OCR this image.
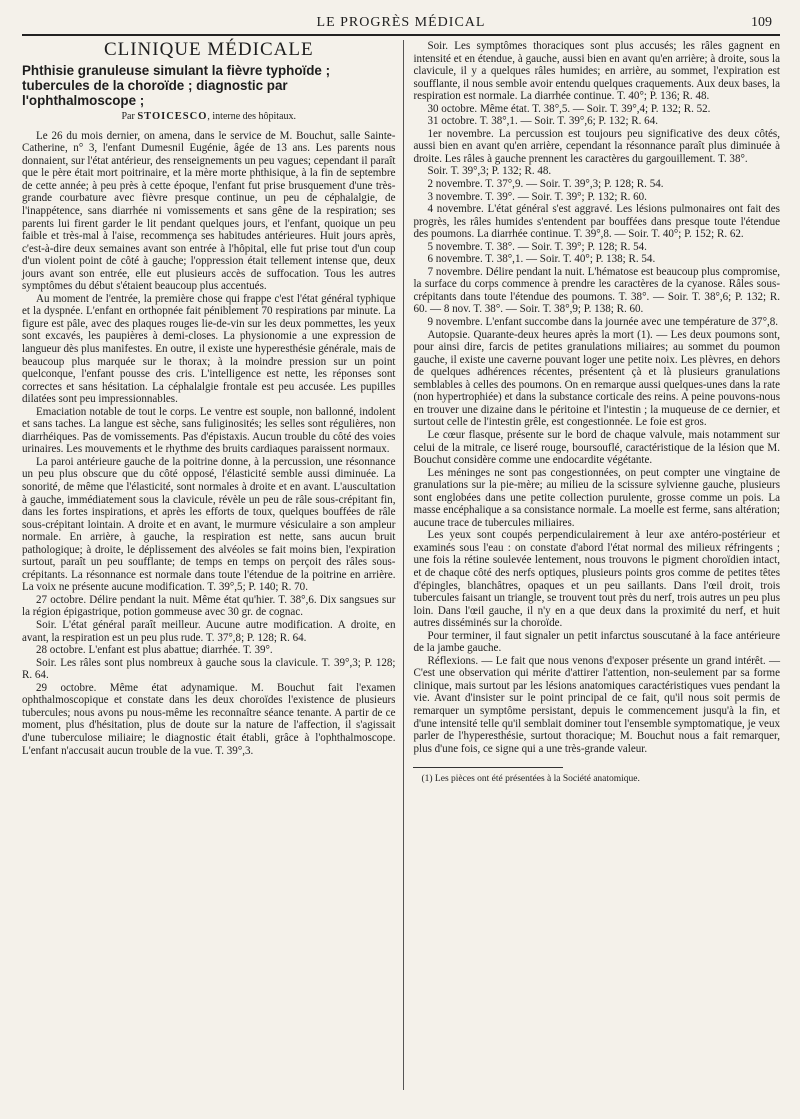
LE PROGRÈS MÉDICAL	109
CLINIQUE MÉDICALE

Phthisie granuleuse simulant la fièvre typhoïde ; tubercules de la choroïde ; diagnostic par l'ophthalmoscope ;

Par STOICESCO, interne des hôpitaux.

Le 26 du mois dernier, on amena, dans le service de M. Bouchut, salle Sainte-Catherine, n° 3, l'enfant Dumesnil Eugénie, âgée de 13 ans. Les parents nous donnaient, sur l'état antérieur, des renseignements un peu vagues; cependant il paraît que le père était mort poitrinaire, et la mère morte phthisique, à la fin de septembre de cette année; à peu près à cette époque, l'enfant fut prise brusquement d'une très-grande courbature avec fièvre presque continue, un peu de céphalalgie, de l'inappétence, sans diarrhée ni vomissements et sans gêne de la respiration; ses parents lui firent garder le lit pendant quelques jours, et l'enfant, quoique un peu faible et très-mal à l'aise, recommença ses habitudes antérieures. Huit jours après, c'est-à-dire deux semaines avant son entrée à l'hôpital, elle fut prise tout d'un coup d'un violent point de côté à gauche; l'oppression était tellement intense que, deux jours avant son entrée, elle eut plusieurs accès de suffocation. Tous les autres symptômes du début s'étaient beaucoup plus accentués.

Au moment de l'entrée, la première chose qui frappe c'est l'état général typhique et la dyspnée. L'enfant en orthopnée fait péniblement 70 respirations par minute. La figure est pâle, avec des plaques rouges lie-de-vin sur les deux pommettes, les yeux sont excavés, les paupières à demi-closes. La physionomie a une expression de langueur dès plus manifestes. En outre, il existe une hyperesthésie générale, mais de beaucoup plus marquée sur le thorax; à la moindre pression sur un point quelconque, l'enfant pousse des cris. L'intelligence est nette, les réponses sont correctes et sans hésitation. La céphalalgie frontale est peu accusée. Les pupilles dilatées sont peu impressionnables.

Emaciation notable de tout le corps. Le ventre est souple, non ballonné, indolent et sans taches. La langue est sèche, sans fuliginosités; les selles sont régulières, non diarrhéiques. Pas de vomissements. Pas d'épistaxis. Aucun trouble du côté des voies urinaires. Les mouvements et le rhythme des bruits cardiaques paraissent normaux.

La paroi antérieure gauche de la poitrine donne, à la percussion, une résonnance un peu plus obscure que du côté opposé, l'élasticité semble aussi diminuée. La sonorité, de même que l'élasticité, sont normales à droite et en avant. L'auscultation à gauche, immédiatement sous la clavicule, révèle un peu de râle sous-crépitant fin, dans les fortes inspirations, et après les efforts de toux, quelques bouffées de râle sous-crépitant lointain. A droite et en avant, le murmure vésiculaire a son ampleur normale. En arrière, à gauche, la respiration est nette, sans aucun bruit pathologique; à droite, le déplissement des alvéoles se fait moins bien, l'expiration surtout, paraît un peu soufflante; de temps en temps on perçoit des râles sous-crépitants. La résonnance est normale dans toute l'étendue de la poitrine en arrière. La voix ne présente aucune modification. T. 39°,5; P. 140; R. 70.

27 octobre. Délire pendant la nuit. Même état qu'hier. T. 38°,6. Dix sangsues sur la région épigastrique, potion gommeuse avec 30 gr. de cognac.

Soir. L'état général paraît meilleur. Aucune autre modification. A droite, en avant, la respiration est un peu plus rude. T. 37°,8; P. 128; R. 64.

28 octobre. L'enfant est plus abattue; diarrhée. T. 39°.

Soir. Les râles sont plus nombreux à gauche sous la clavicule. T. 39°,3; P. 128; R. 64.

29 octobre. Même état adynamique. M. Bouchut fait l'examen ophthalmoscopique et constate dans les deux choroïdes l'existence de plusieurs tubercules; nous avons pu nous-même les reconnaître séance tenante. A partir de ce moment, plus d'hésitation, plus de doute sur la nature de l'affection, il s'agissait d'une tuberculose miliaire; le diagnostic était établi, grâce à l'ophthalmoscope. L'enfant n'accusait aucun trouble de la vue. T. 39°,3.

Soir. Les symptômes thoraciques sont plus accusés; les râles gagnent en intensité et en étendue, à gauche, aussi bien en avant qu'en arrière; à droite, sous la clavicule, il y a quelques râles humides; en arrière, au sommet, l'expiration est soufflante, il nous semble avoir entendu quelques craquements. Aux deux bases, la respiration est normale. La diarrhée continue. T. 40°; P. 136; R. 48.

30 octobre. Même état. T. 38°,5. — Soir. T. 39°,4; P. 132; R. 52.

31 octobre. T. 38°,1. — Soir. T. 39°,6; P. 132; R. 64.

1er novembre. La percussion est toujours peu significative des deux côtés, aussi bien en avant qu'en arrière, cependant la résonnance paraît plus diminuée à droite. Les râles à gauche prennent les caractères du gargouillement. T. 38°.

Soir. T. 39°,3; P. 132; R. 48.

2 novembre. T. 37°,9. — Soir. T. 39°,3; P. 128; R. 54.

3 novembre. T. 39°. — Soir. T. 39°; P. 132; R. 60.

4 novembre. L'état général s'est aggravé. Les lésions pulmonaires ont fait des progrès, les râles humides s'entendent par bouffées dans presque toute l'étendue des poumons. La diarrhée continue. T. 39°,8. — Soir. T. 40°; P. 152; R. 62.

5 novembre. T. 38°. — Soir. T. 39°; P. 128; R. 54.

6 novembre. T. 38°,1. — Soir. T. 40°; P. 138; R. 54.

7 novembre. Délire pendant la nuit. L'hématose est beaucoup plus compromise, la surface du corps commence à prendre les caractères de la cyanose. Râles sous-crépitants dans toute l'étendue des poumons. T. 38°. — Soir. T. 38°,6; P. 132; R. 60. — 8 nov. T. 38°. — Soir. T. 38°,9; P. 138; R. 60.

9 novembre. L'enfant succombe dans la journée avec une température de 37°,8.

Autopsie. Quarante-deux heures après la mort (1). — Les deux poumons sont, pour ainsi dire, farcis de petites granulations miliaires; au sommet du poumon gauche, il existe une caverne pouvant loger une petite noix. Les plèvres, en dehors de quelques adhérences récentes, présentent çà et là plusieurs granulations semblables à celles des poumons. On en remarque aussi quelques-unes dans la rate (non hypertrophiée) et dans la substance corticale des reins. A peine pouvons-nous en trouver une dizaine dans le péritoine et l'intestin ; la muqueuse de ce dernier, et surtout celle de l'intestin grêle, est congestionnée. Le foie est gros.

Le cœur flasque, présente sur le bord de chaque valvule, mais notamment sur celui de la mitrale, ce liseré rouge, boursouflé, caractéristique de la lésion que M. Bouchut considère comme une endocardite végétante.

Les méninges ne sont pas congestionnées, on peut compter une vingtaine de granulations sur la pie-mère; au milieu de la scissure sylvienne gauche, plusieurs sont englobées dans une petite collection purulente, grosse comme un pois. La masse encéphalique a sa consistance normale. La moelle est ferme, sans altération; aucune trace de tubercules miliaires.

Les yeux sont coupés perpendiculairement à leur axe antéro-postérieur et examinés sous l'eau : on constate d'abord l'état normal des milieux réfringents ; une fois la rétine soulevée lentement, nous trouvons le pigment choroïdien intact, et de chaque côté des nerfs optiques, plusieurs points gros comme de petites têtes d'épingles, blanchâtres, opaques et un peu saillants. Dans l'œil droit, trois tubercules faisant un triangle, se trouvent tout près du nerf, trois autres un peu plus loin. Dans l'œil gauche, il n'y en a que deux dans la proximité du nerf, et huit autres disséminés sur la choroïde.

Pour terminer, il faut signaler un petit infarctus souscutané à la face antérieure de la jambe gauche.

Réflexions. — Le fait que nous venons d'exposer présente un grand intérêt. — C'est une observation qui mérite d'attirer l'attention, non-seulement par sa forme clinique, mais surtout par les lésions anatomiques caractéristiques vues pendant la vie. Avant d'insister sur le point principal de ce fait, qu'il nous soit permis de remarquer un symptôme persistant, depuis le commencement jusqu'à la fin, et d'une intensité telle qu'il semblait dominer tout l'ensemble symptomatique, je veux parler de l'hyperesthésie, surtout thoracique; M. Bouchut nous a fait remarquer, plus d'une fois, ce signe qui a une très-grande valeur.

(1) Les pièces ont été présentées à la Société anatomique.
